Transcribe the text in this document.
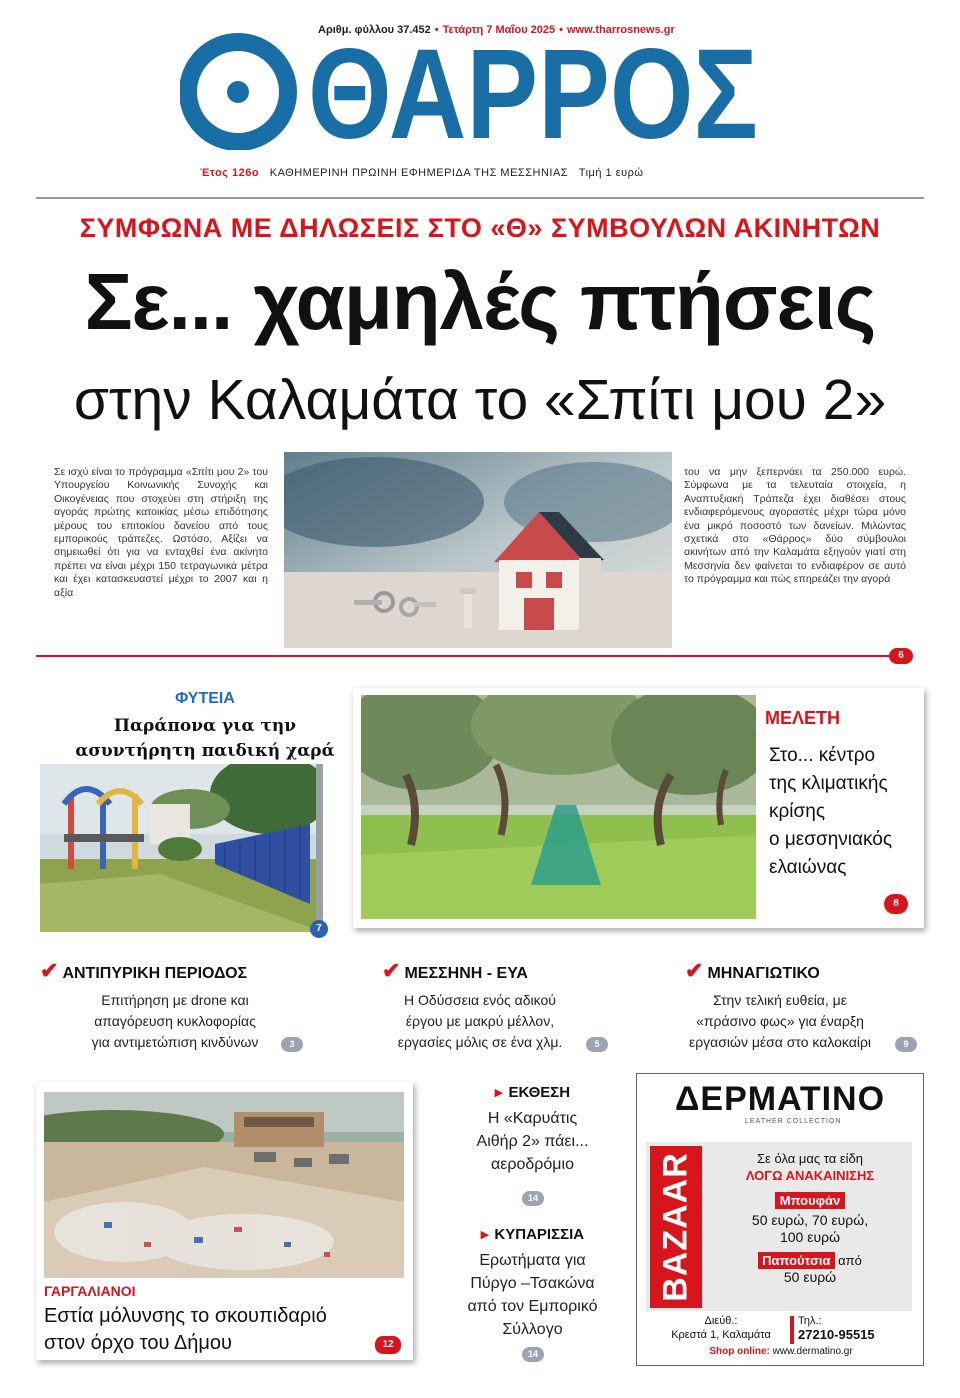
Αριθμ. φύλλου 37.452 • Τετάρτη 7 Μαΐου 2025 • www.tharrosnews.gr
ΘΑΡΡΟΣ
Έτος 126ο ΚΑΘΗΜΕΡΙΝΗ ΠΡΩΙΝΗ ΕΦΗΜΕΡΙΔΑ ΤΗΣ ΜΕΣΣΗΝΙΑΣ Τιμή 1 ευρώ
ΣΥΜΦΩΝΑ ΜΕ ΔΗΛΩΣΕΙΣ ΣΤΟ «Θ» ΣΥΜΒΟΥΛΩΝ ΑΚΙΝΗΤΩΝ
Σε... χαμηλές πτήσεις
στην Καλαμάτα το «Σπίτι μου 2»
Σε ισχύ είναι το πρόγραμμα «Σπίτι μου 2» του Υπουργείου Κοινωνικής Συνοχής και Οικογένειας που στοχεύει στη στήριξη της αγοράς πρώτης κατοικίας μέσω επιδότησης μέρους του επιτοκίου δανείου από τους εμπορικούς τράπεζες. Ωστόσο, Αξίζει να σημειωθεί ότι για να ενταχθεί ένα ακίνητο πρέπει να είναι μέχρι 150 τετραγωνικά μέτρα και έχει κατασκευαστεί μέχρι το 2007 και η αξία
του να μην ξεπερνάει τα 250.000 ευρώ. Σύμφωνα με τα τελευταία στοιχεία, η Αναπτυξιακή Τράπεζα έχει διαθέσει στους ενδιαφερόμενους αγοραστές μέχρι τώρα μόνο ένα μικρό ποσοστό των δανείων. Μιλώντας σχετικά στο «Θάρρος» δύο σύμβουλοι ακινήτων από την Καλαμάτα εξηγούν γιατί στη Μεσσηνία δεν φαίνεται το ενδιαφέρον σε αυτό το πρόγραμμα και πώς επηρεάζει την αγορά
6
ΦΥΤΕΙΑ
Παράπονα για την
ασυντήρητη παιδική χαρά
7
ΜΕΛΕΤΗ
Στο... κέντρο
της κλιματικής
κρίσης
ο μεσσηνιακός
ελαιώνας
8
✔ ΑΝΤΙΠΥΡΙΚΗ ΠΕΡΙΟΔΟΣ
Επιτήρηση με drone και
απαγόρευση κυκλοφορίας
για αντιμετώπιση κινδύνων	3
✔ ΜΕΣΣΗΝΗ - ΕΥΑ
Η Οδύσσεια ενός αδικού
έργου με μακρύ μέλλον,
εργασίες μόλις σε ένα χλμ.	5
✔ ΜΗΝΑΓΙΩΤΙΚΟ
Στην τελική ευθεία, με
«πράσινο φως» για έναρξη
εργασιών μέσα στο καλοκαίρι	9
ΓΑΡΓΑΛΙΑΝΟΙ
Εστία μόλυνσης το σκουπιδαριό
στον όρχο του Δήμου	12
▸ ΕΚΘΕΣΗ
Η «Καρυάτις
Αιθήρ 2» πάει...
αεροδρόμιο
14
▸ ΚΥΠΑΡΙΣΣΙΑ
Ερωτήματα για
Πύργο –Τσακώνα
από τον Εμπορικό
Σύλλογο
14
ΔΕΡΜΑΤΙΝΟ
LEATHER COLLECTION
BAZAAR	Σε όλα μας τα είδη
ΛΟΓΩ ΑΝΑΚΑΙΝΙΣΗΣ
Μπουφάν
50 ευρώ, 70 ευρώ,
100 ευρώ
Παπούτσια από
50 ευρώ
Διεύθ.:
Κρεστά 1, Καλαμάτα
Τηλ.:
27210-95515
Shop online: www.dermatino.gr
